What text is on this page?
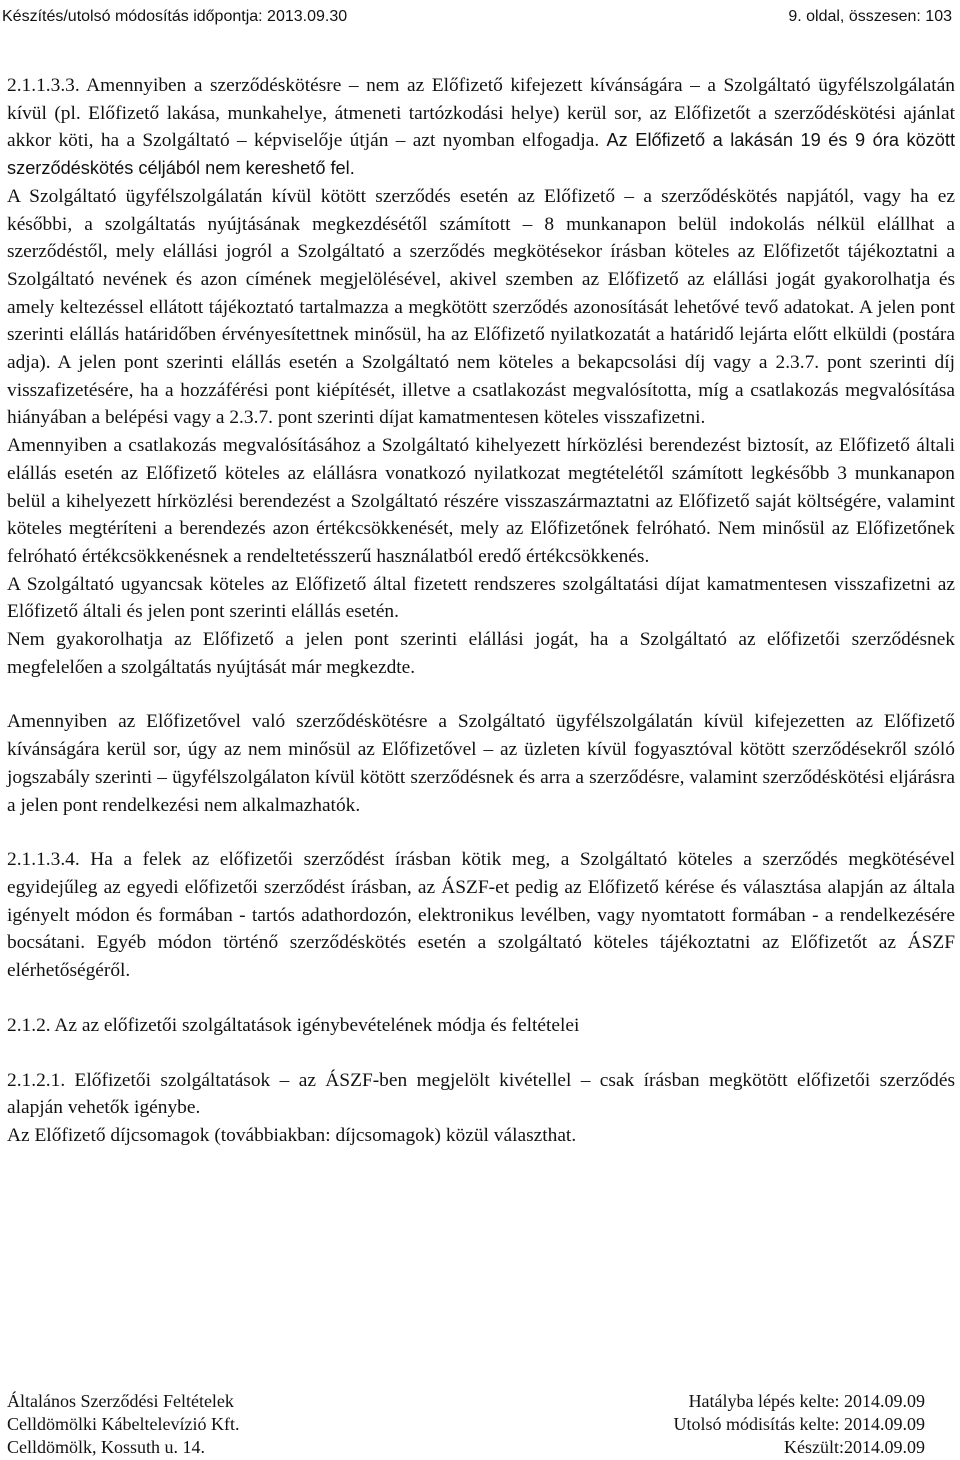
Készítés/utolsó módosítás időpontja: 2013.09.30	9. oldal, összesen: 103

2.1.1.3.3. Amennyiben a szerződéskötésre – nem az Előfizető kifejezett kívánságára – a Szolgáltató ügyfélszolgálatán kívül (pl. Előfizető lakása, munkahelye, átmeneti tartózkodási helye) kerül sor, az Előfizetőt a szerződéskötési ajánlat akkor köti, ha a Szolgáltató – képviselője útján – azt nyomban elfogadja. Az Előfizető a lakásán 19 és 9 óra között szerződéskötés céljából nem kereshető fel.

A Szolgáltató ügyfélszolgálatán kívül kötött szerződés esetén az Előfizető – a szerződéskötés napjától, vagy ha ez későbbi, a szolgáltatás nyújtásának megkezdésétől számított – 8 munkanapon belül indokolás nélkül elállhat a szerződéstől, mely elállási jogról a Szolgáltató a szerződés megkötésekor írásban köteles az Előfizetőt tájékoztatni a Szolgáltató nevének és azon címének megjelölésével, akivel szemben az Előfizető az elállási jogát gyakorolhatja és amely keltezéssel ellátott tájékoztató tartalmazza a megkötött szerződés azonosítását lehetővé tevő adatokat. A jelen pont szerinti elállás határidőben érvényesítettnek minősül, ha az Előfizető nyilatkozatát a határidő lejárta előtt elküldi (postára adja). A jelen pont szerinti elállás esetén a Szolgáltató nem köteles a bekapcsolási díj vagy a 2.3.7. pont szerinti díj visszafizetésére, ha a hozzáférési pont kiépítését, illetve a csatlakozást megvalósította, míg a csatlakozás megvalósítása hiányában a belépési vagy a 2.3.7. pont szerinti díjat kamatmentesen köteles visszafizetni.

Amennyiben a csatlakozás megvalósításához a Szolgáltató kihelyezett hírközlési berendezést biztosít, az Előfizető általi elállás esetén az Előfizető köteles az elállásra vonatkozó nyilatkozat megtételétől számított legkésőbb 3 munkanapon belül a kihelyezett hírközlési berendezést a Szolgáltató részére visszaszármaztatni az Előfizető saját költségére, valamint köteles megtéríteni a berendezés azon értékcsökkenését, mely az Előfizetőnek felróható. Nem minősül az Előfizetőnek felróható értékcsökkenésnek a rendeltetésszerű használatból eredő értékcsökkenés.

A Szolgáltató ugyancsak köteles az Előfizető által fizetett rendszeres szolgáltatási díjat kamatmentesen visszafizetni az Előfizető általi és jelen pont szerinti elállás esetén.

Nem gyakorolhatja az Előfizető a jelen pont szerinti elállási jogát, ha a Szolgáltató az előfizetői szerződésnek megfelelően a szolgáltatás nyújtását már megkezdte.

Amennyiben az Előfizetővel való szerződéskötésre a Szolgáltató ügyfélszolgálatán kívül kifejezetten az Előfizető kívánságára kerül sor, úgy az nem minősül az Előfizetővel – az üzleten kívül fogyasztóval kötött szerződésekről szóló jogszabály szerinti – ügyfélszolgálaton kívül kötött szerződésnek és arra a szerződésre, valamint szerződéskötési eljárásra a jelen pont rendelkezési nem alkalmazhatók.

2.1.1.3.4. Ha a felek az előfizetői szerződést írásban kötik meg, a Szolgáltató köteles a szerződés megkötésével egyidejűleg az egyedi előfizetői szerződést írásban, az ÁSZF-et pedig az Előfizető kérése és választása alapján az általa igényelt módon és formában - tartós adathordozón, elektronikus levélben, vagy nyomtatott formában - a rendelkezésére bocsátani. Egyéb módon történő szerződéskötés esetén a szolgáltató köteles tájékoztatni az Előfizetőt az ÁSZF elérhetőségéről.

2.1.2. Az az előfizetői szolgáltatások igénybevételének módja és feltételei

2.1.2.1. Előfizetői szolgáltatások – az ÁSZF-ben megjelölt kivétellel – csak írásban megkötött előfizetői szerződés alapján vehetők igénybe.

Az Előfizető díjcsomagok (továbbiakban: díjcsomagok) közül választhat.

Általános Szerződési Feltételek	Hatálybа lépés kelte: 2014.09.09
Celldömölki Kábeltelevízió Kft.	Utolsó módisítás kelte: 2014.09.09
Celldömölk, Kossuth u. 14.	Készült:2014.09.09
